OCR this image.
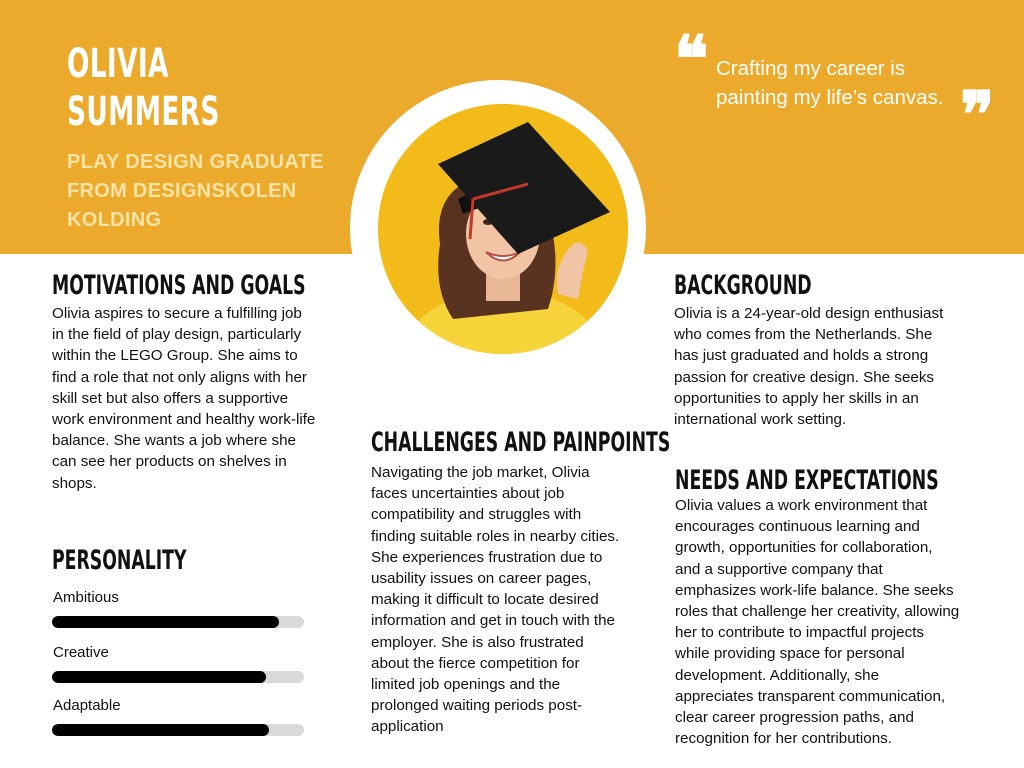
OLIVIA
SUMMERS
PLAY DESIGN GRADUATE
FROM DESIGNSKOLEN
KOLDING
❝ Crafting my career is
painting my life’s canvas. ❞
MOTIVATIONS AND GOALS
Olivia aspires to secure a fulfilling job
in the field of play design, particularly
within the LEGO Group. She aims to
find a role that not only aligns with her
skill set but also offers a supportive
work environment and healthy work-life
balance. She wants a job where she
can see her products on shelves in
shops.
PERSONALITY
Ambitious
Creative
Adaptable
CHALLENGES AND PAINPOINTS
Navigating the job market, Olivia
faces uncertainties about job
compatibility and struggles with
finding suitable roles in nearby cities.
She experiences frustration due to
usability issues on career pages,
making it difficult to locate desired
information and get in touch with the
employer. She is also frustrated
about the fierce competition for
limited job openings and the
prolonged waiting periods post-
application
BACKGROUND
Olivia is a 24-year-old design enthusiast
who comes from the Netherlands. She
has just graduated and holds a strong
passion for creative design. She seeks
opportunities to apply her skills in an
international work setting.
NEEDS AND EXPECTATIONS
Olivia values a work environment that
encourages continuous learning and
growth, opportunities for collaboration,
and a supportive company that
emphasizes work-life balance. She seeks
roles that challenge her creativity, allowing
her to contribute to impactful projects
while providing space for personal
development. Additionally, she
appreciates transparent communication,
clear career progression paths, and
recognition for her contributions.
